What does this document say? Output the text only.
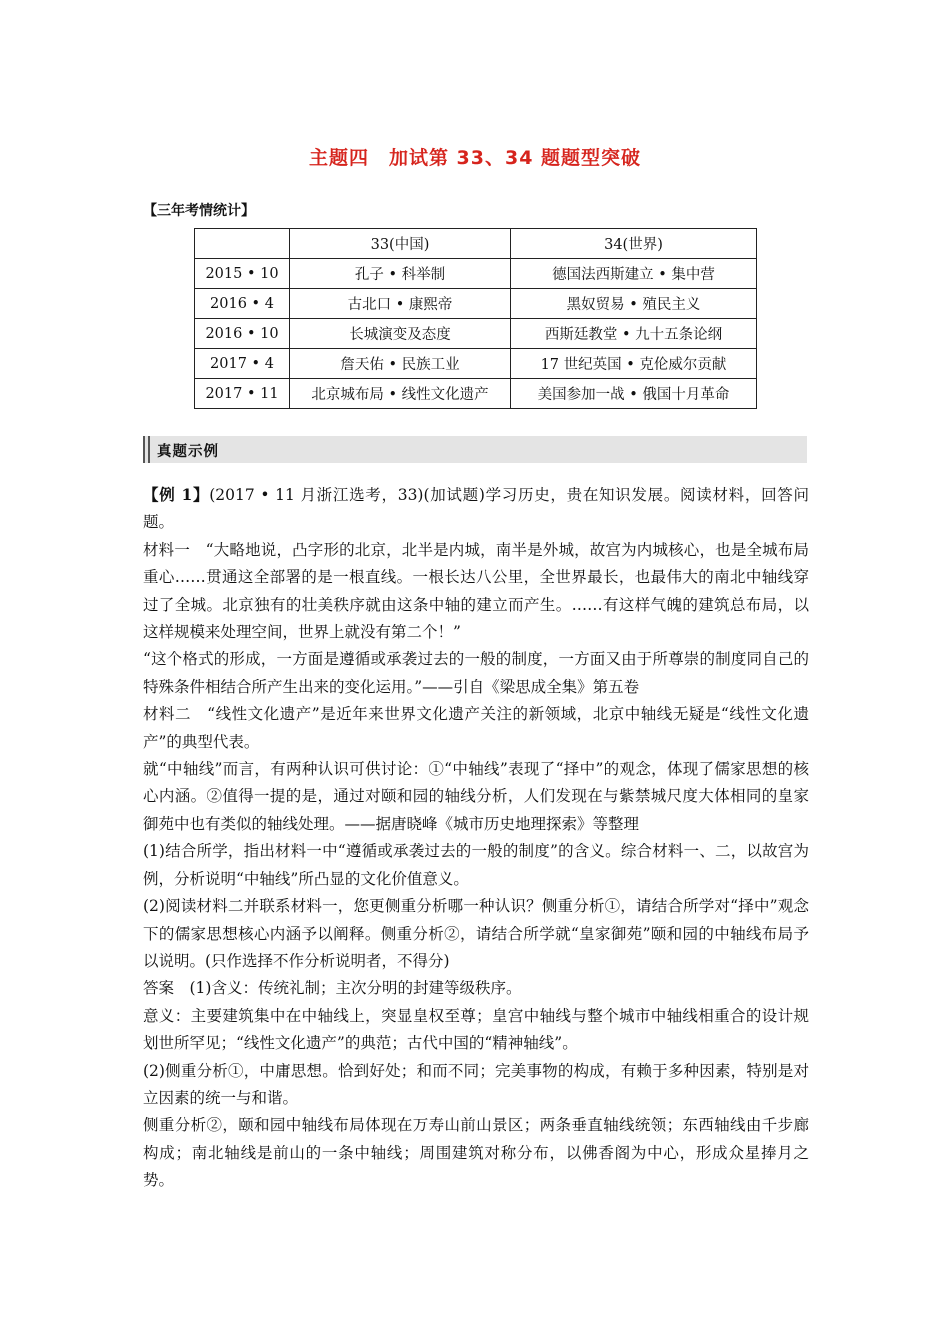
主题四　加试第 33、34 题题型突破
【三年考情统计】
	33(中国)	34(世界)
2015 • 10	孔子 • 科举制	德国法西斯建立 • 集中营
2016 • 4	古北口 • 康熙帝	黑奴贸易 • 殖民主义
2016 • 10	长城演变及态度	西斯廷教堂 • 九十五条论纲
2017 • 4	詹天佑 • 民族工业	17 世纪英国 • 克伦威尔贡献
2017 • 11	北京城布局 • 线性文化遗产	美国参加一战 • 俄国十月革命
真题示例

【例 1】(2017 • 11 月浙江选考，33)(加试题)学习历史，贵在知识发展。阅读材料，回答问题。

材料一　“大略地说，凸字形的北京，北半是内城，南半是外城，故宫为内城核心，也是全城布局重心……贯通这全部署的是一根直线。一根长达八公里，全世界最长，也最伟大的南北中轴线穿过了全城。北京独有的壮美秩序就由这条中轴的建立而产生。……有这样气魄的建筑总布局，以这样规模来处理空间，世界上就没有第二个！”

“这个格式的形成，一方面是遵循或承袭过去的一般的制度，一方面又由于所尊崇的制度同自己的特殊条件相结合所产生出来的变化运用。”——引自《梁思成全集》第五卷

材料二　“线性文化遗产”是近年来世界文化遗产关注的新领域，北京中轴线无疑是“线性文化遗产”的典型代表。

就“中轴线”而言，有两种认识可供讨论：①“中轴线”表现了“择中”的观念，体现了儒家思想的核心内涵。②值得一提的是，通过对颐和园的轴线分析，人们发现在与紫禁城尺度大体相同的皇家御苑中也有类似的轴线处理。——据唐晓峰《城市历史地理探索》等整理

(1)结合所学，指出材料一中“遵循或承袭过去的一般的制度”的含义。综合材料一、二，以故宫为例，分析说明“中轴线”所凸显的文化价值意义。

(2)阅读材料二并联系材料一，您更侧重分析哪一种认识？侧重分析①，请结合所学对“择中”观念下的儒家思想核心内涵予以阐释。侧重分析②，请结合所学就“皇家御苑”颐和园的中轴线布局予以说明。(只作选择不作分析说明者，不得分)

答案　(1)含义：传统礼制；主次分明的封建等级秩序。

意义：主要建筑集中在中轴线上，突显皇权至尊；皇宫中轴线与整个城市中轴线相重合的设计规划世所罕见；“线性文化遗产”的典范；古代中国的“精神轴线”。

(2)侧重分析①，中庸思想。恰到好处；和而不同；完美事物的构成，有赖于多种因素，特别是对立因素的统一与和谐。

侧重分析②，颐和园中轴线布局体现在万寿山前山景区；两条垂直轴线统领；东西轴线由千步廊构成；南北轴线是前山的一条中轴线；周围建筑对称分布，以佛香阁为中心，形成众星捧月之势。
